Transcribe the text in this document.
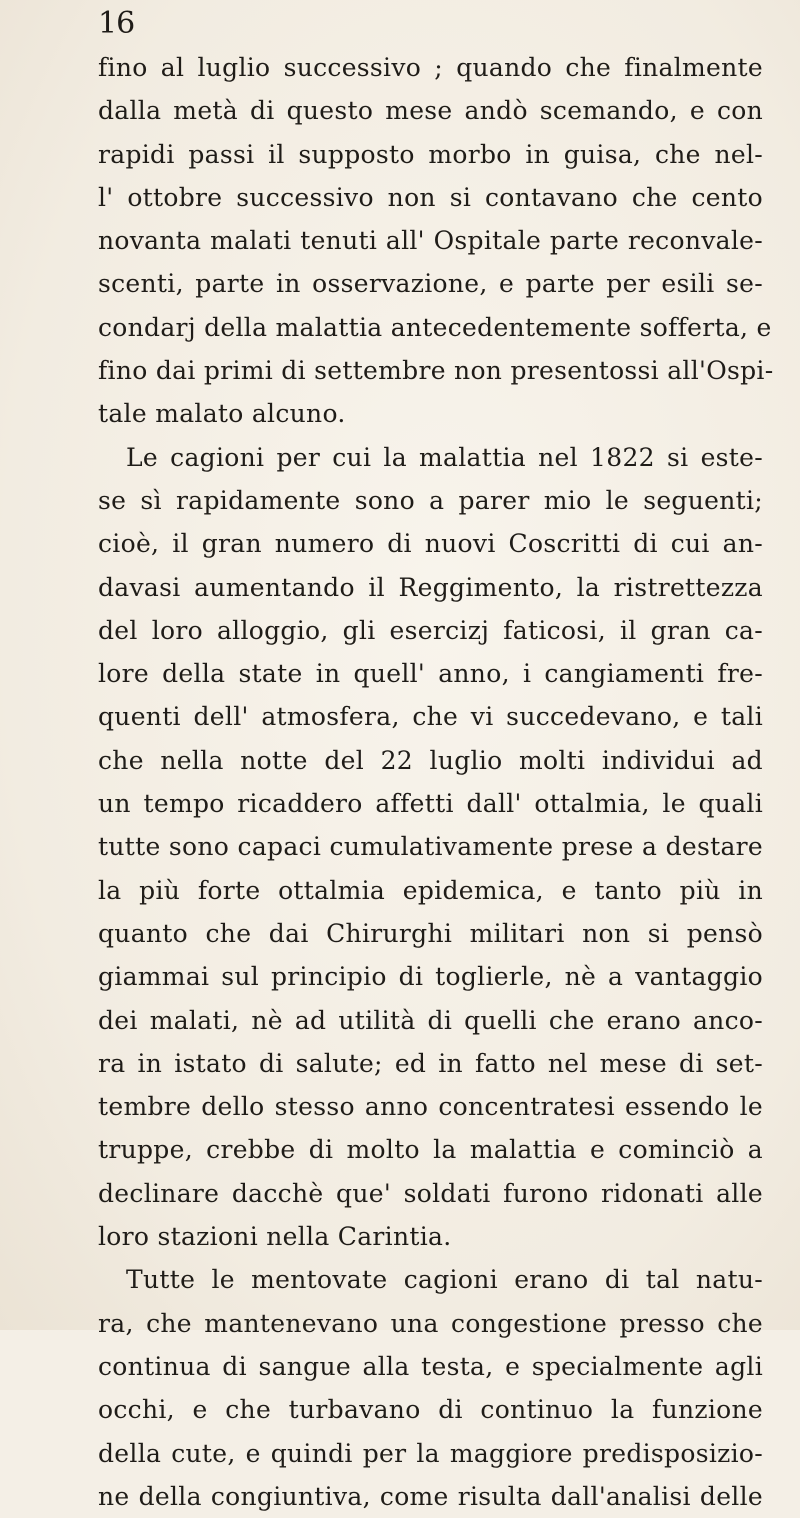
16
fino al luglio successivo ; quando che finalmente
dalla metà di questo mese andò scemando, e con
rapidi passi il supposto morbo in guisa, che nel-
l' ottobre successivo non si contavano che cento
novanta malati tenuti all' Ospitale parte reconvale-
scenti, parte in osservazione, e parte per esili se-
condarj della malattia antecedentemente sofferta, e
fino dai primi di settembre non presentossi all'Ospi-
tale malato alcuno.
Le cagioni per cui la malattia nel 1822 si este-
se sì rapidamente sono a parer mio le seguenti;
cioè, il gran numero di nuovi Coscritti di cui an-
davasi aumentando il Reggimento, la ristrettezza
del loro alloggio, gli esercizj faticosi, il gran ca-
lore della state in quell' anno, i cangiamenti fre-
quenti dell' atmosfera, che vi succedevano, e tali
che nella notte del 22 luglio molti individui ad
un tempo ricaddero affetti dall' ottalmia, le quali
tutte sono capaci cumulativamente prese a destare
la più forte ottalmia epidemica, e tanto più in
quanto che dai Chirurghi militari non si pensò
giammai sul principio di toglierle, nè a vantaggio
dei malati, nè ad utilità di quelli che erano anco-
ra in istato di salute; ed in fatto nel mese di set-
tembre dello stesso anno concentratesi essendo le
truppe, crebbe di molto la malattia e cominciò a
declinare dacchè que' soldati furono ridonati alle
loro stazioni nella Carintia.
Tutte le mentovate cagioni erano di tal natu-
ra, che mantenevano una congestione presso che
continua di sangue alla testa, e specialmente agli
occhi, e che turbavano di continuo la funzione
della cute, e quindi per la maggiore predisposizio-
ne della congiuntiva, come risulta dall'analisi delle
